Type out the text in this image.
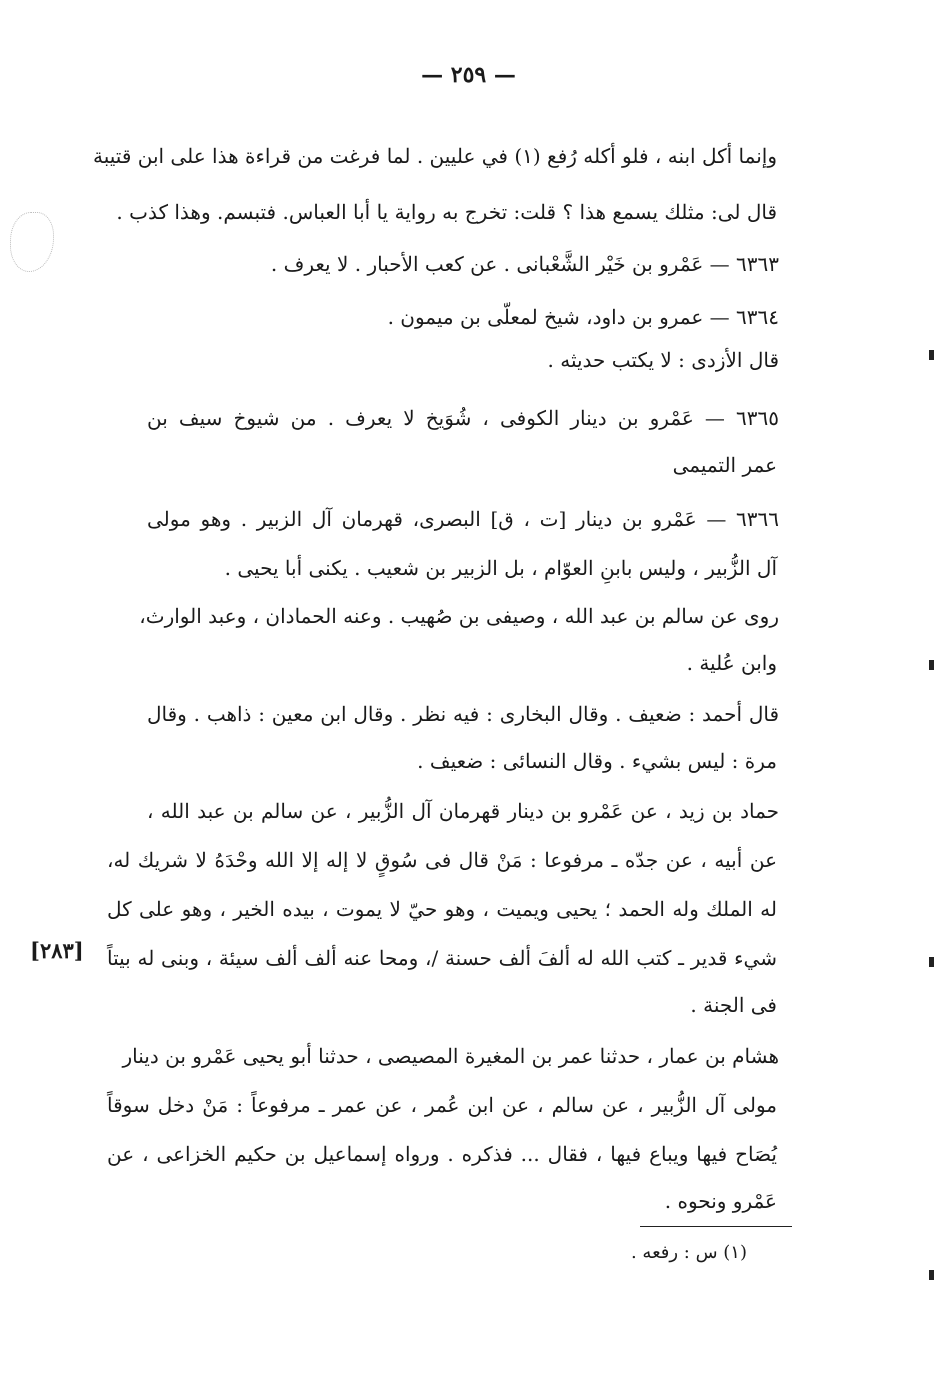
— ٢٥٩ —
وإنما أكل ابنه ، فلو أكله رُفع (١) في عليين . لما فرغت من قراءة هذا على ابن قتيبة
قال لى: مثلك يسمع هذا ؟ قلت: تخرج به رواية يا أبا العباس. فتبسم. وهذا كذب .
٦٣٦٣ — عَمْرو بن خَيْر الشَّعْبانى . عن كعب الأحبار . لا يعرف .
٦٣٦٤ — عمرو بن داود، شيخ لمعلّى بن ميمون .
قال الأزدى : لا يكتب حديثه .
٦٣٦٥ — عَمْرو بن دينار الكوفى ، شُوَيخ لا يعرف . من شيوخ سيف بن
عمر التميمى
٦٣٦٦ — عَمْرو بن دينار [ت ، ق] البصرى، قهرمان آل الزبير . وهو مولى
آل الزُّبير ، وليس بابنِ العوّام ، بل الزبير بن شعيب . يكنى أبا يحيى .
روى عن سالم بن عبد الله ، وصيفى بن صُهيب . وعنه الحمادان ، وعبد الوارث،
وابن عُلية .
قال أحمد : ضعيف . وقال البخارى : فيه نظر . وقال ابن معين : ذاهب . وقال
مرة : ليس بشيء . وقال النسائى : ضعيف .
حماد بن زيد ، عن عَمْرو بن دينار قهرمان آل الزُّبير ، عن سالم بن عبد الله ،
عن أبيه ، عن جدّه ـ مرفوعا : مَنْ قال فى سُوقٍ لا إله إلا الله وحْدَهُ لا شريك له،
له الملك وله الحمد ؛ يحيى ويميت ، وهو حيّ لا يموت ، بيده الخير ، وهو على كل
شيء قدير ـ كتب الله له ألفَ ألف حسنة /، ومحا عنه ألف ألف سيئة ، وبنى له بيتاً
فى الجنة .
هشام بن عمار ، حدثنا عمر بن المغيرة المصيصى ، حدثنا أبو يحيى عَمْرو بن دينار
مولى آل الزُّبير ، عن سالم ، عن ابن عُمر ، عن عمر ـ مرفوعاً : مَنْ دخل سوقاً
يُصَاح فيها ويباع فيها ، فقال ... فذكره . ورواه إسماعيل بن حكيم الخزاعى ، عن
عَمْرو ونحوه .
[٢٨٣]
(١) س : رفعه .
